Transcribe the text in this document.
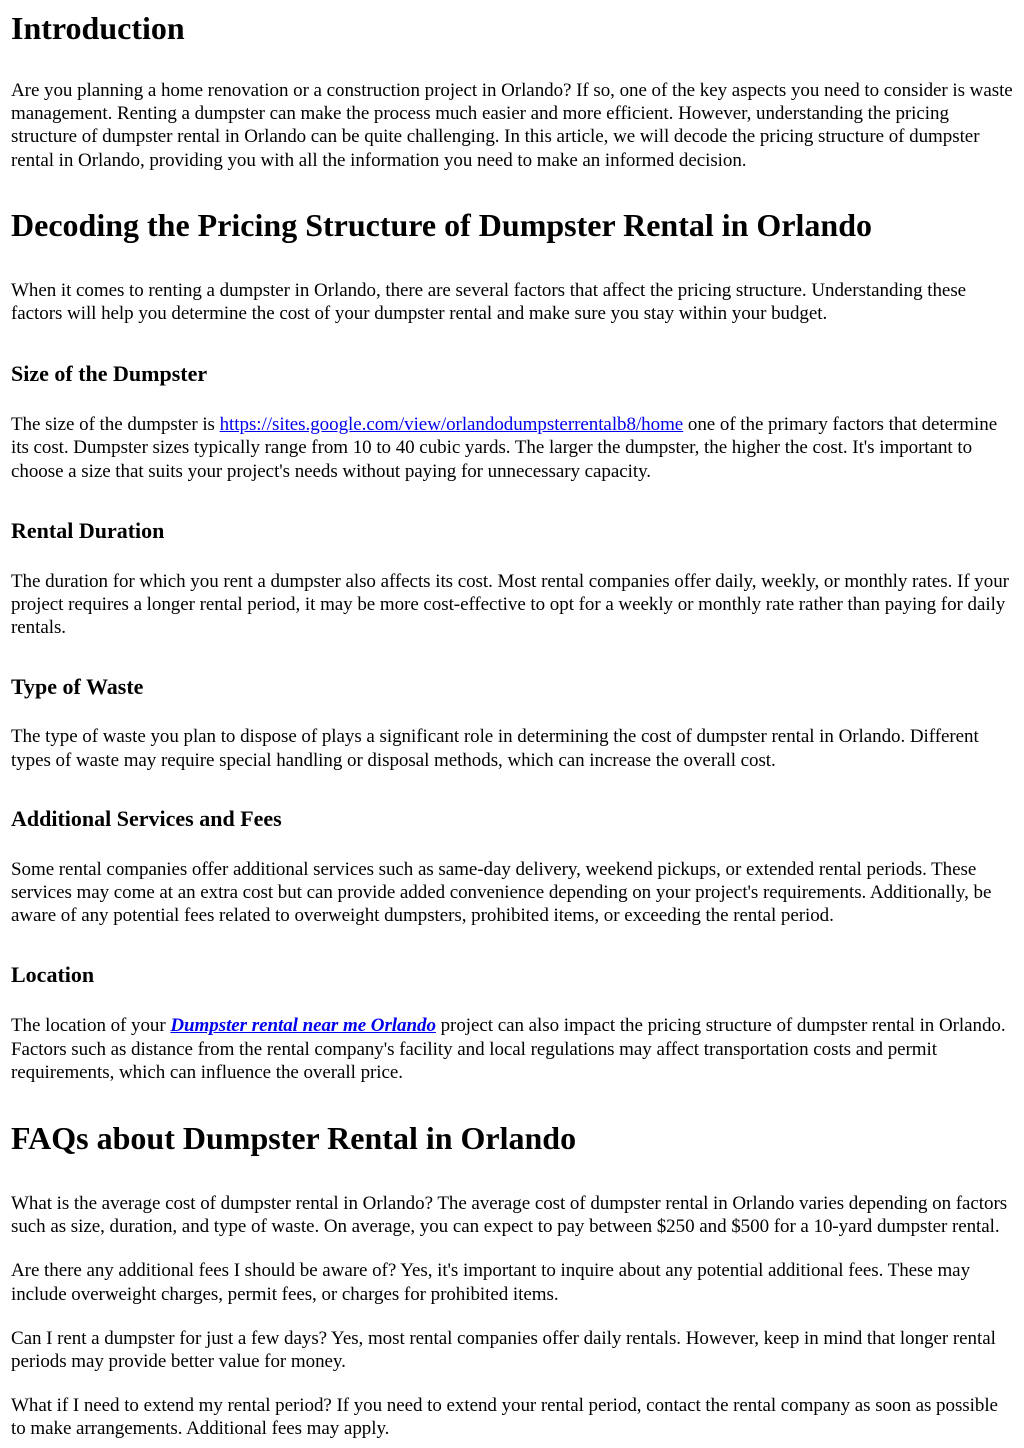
Introduction

Are you planning a home renovation or a construction project in Orlando? If so, one of the key aspects you need to consider is waste management. Renting a dumpster can make the process much easier and more efficient. However, understanding the pricing structure of dumpster rental in Orlando can be quite challenging. In this article, we will decode the pricing structure of dumpster rental in Orlando, providing you with all the information you need to make an informed decision.

Decoding the Pricing Structure of Dumpster Rental in Orlando

When it comes to renting a dumpster in Orlando, there are several factors that affect the pricing structure. Understanding these factors will help you determine the cost of your dumpster rental and make sure you stay within your budget.

Size of the Dumpster

The size of the dumpster is https://sites.google.com/view/orlandodumpsterrentalb8/home one of the primary factors that determine its cost. Dumpster sizes typically range from 10 to 40 cubic yards. The larger the dumpster, the higher the cost. It's important to choose a size that suits your project's needs without paying for unnecessary capacity.

Rental Duration

The duration for which you rent a dumpster also affects its cost. Most rental companies offer daily, weekly, or monthly rates. If your project requires a longer rental period, it may be more cost-effective to opt for a weekly or monthly rate rather than paying for daily rentals.

Type of Waste

The type of waste you plan to dispose of plays a significant role in determining the cost of dumpster rental in Orlando. Different types of waste may require special handling or disposal methods, which can increase the overall cost.

Additional Services and Fees

Some rental companies offer additional services such as same-day delivery, weekend pickups, or extended rental periods. These services may come at an extra cost but can provide added convenience depending on your project's requirements. Additionally, be aware of any potential fees related to overweight dumpsters, prohibited items, or exceeding the rental period.

Location

The location of your Dumpster rental near me Orlando project can also impact the pricing structure of dumpster rental in Orlando. Factors such as distance from the rental company's facility and local regulations may affect transportation costs and permit requirements, which can influence the overall price.

FAQs about Dumpster Rental in Orlando

What is the average cost of dumpster rental in Orlando? The average cost of dumpster rental in Orlando varies depending on factors such as size, duration, and type of waste. On average, you can expect to pay between $250 and $500 for a 10-yard dumpster rental.

Are there any additional fees I should be aware of? Yes, it's important to inquire about any potential additional fees. These may include overweight charges, permit fees, or charges for prohibited items.

Can I rent a dumpster for just a few days? Yes, most rental companies offer daily rentals. However, keep in mind that longer rental periods may provide better value for money.

What if I need to extend my rental period? If you need to extend your rental period, contact the rental company as soon as possible to make arrangements. Additional fees may apply.
